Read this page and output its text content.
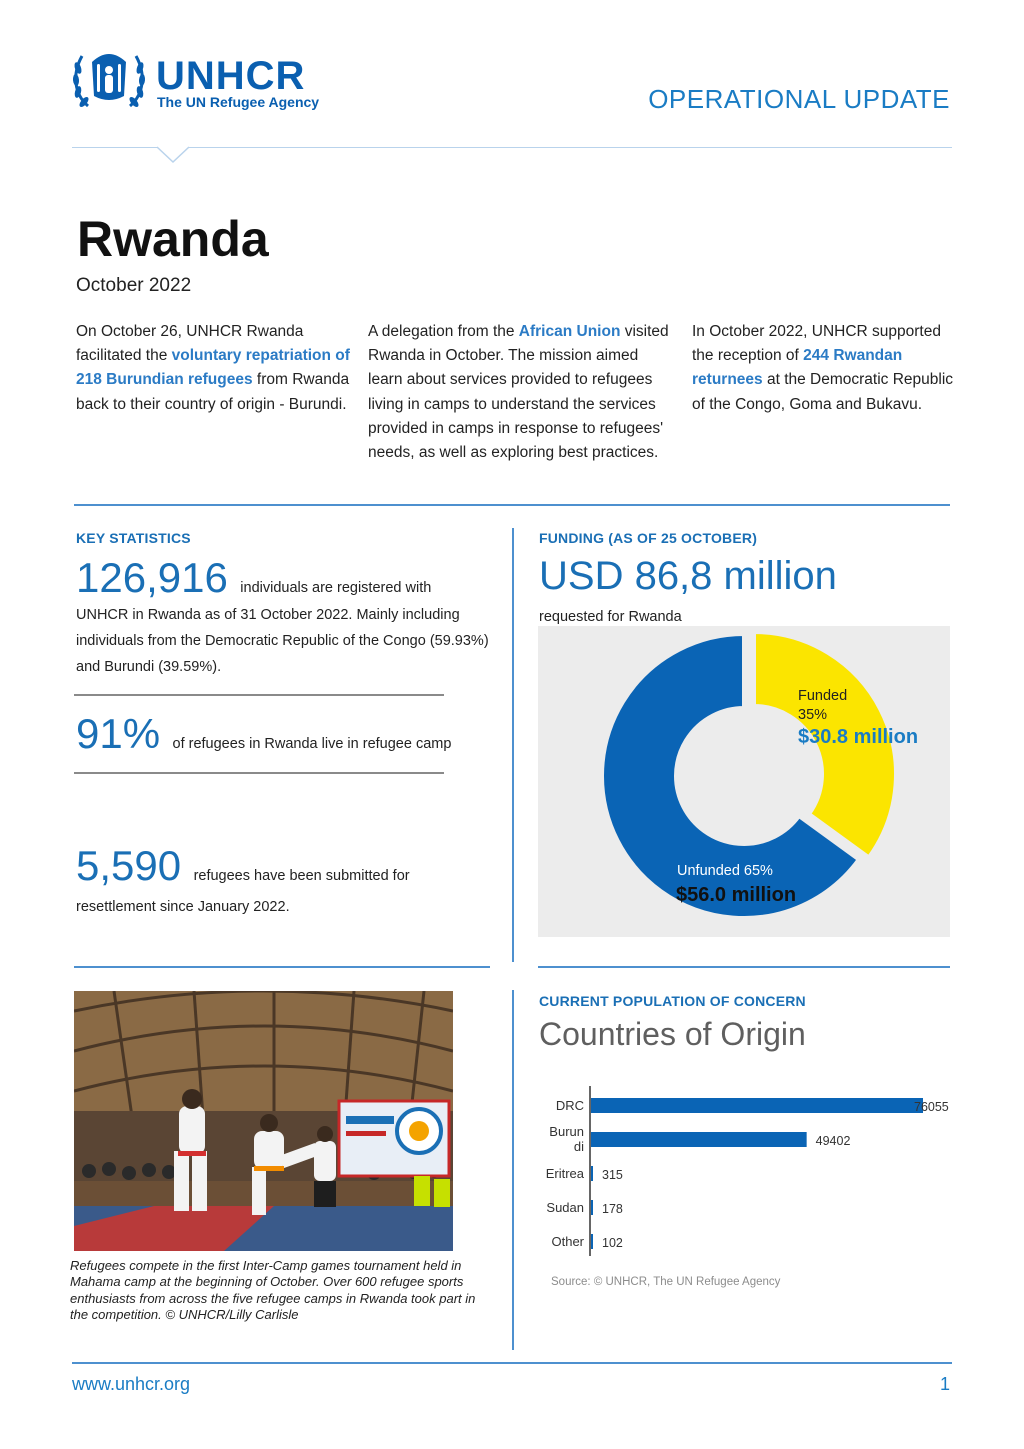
UNHCR
The UN Refugee Agency	OPERATIONAL UPDATE
Rwanda
October 2022
On October 26, UNHCR Rwanda facilitated the voluntary repatriation of 218 Burundian refugees from Rwanda back to their country of origin - Burundi.
A delegation from the African Union visited Rwanda in October. The mission aimed learn about services provided to refugees living in camps to understand the services provided in camps in response to refugees' needs, as well as exploring best practices.
In October 2022, UNHCR supported the reception of 244 Rwandan returnees at the Democratic Republic of the Congo, Goma and Bukavu.
KEY STATISTICS
126,916 individuals are registered with
UNHCR in Rwanda as of 31 October 2022. Mainly including individuals from the Democratic Republic of the Congo (59.93%) and Burundi (39.59%).
91% of refugees in Rwanda live in refugee camp
5,590 refugees have been submitted for
resettlement since January 2022.
FUNDING (AS OF 25 OCTOBER)
USD 86,8 million
requested for Rwanda
Funded
35%
$30.8 million
Unfunded 65%
$56.0 million
Refugees compete in the first Inter-Camp games tournament held in Mahama camp at the beginning of October. Over 600 refugee sports enthusiasts from across the five refugee camps in Rwanda took part in the competition. © UNHCR/Lilly Carlisle
CURRENT POPULATION OF CONCERN
Countries of Origin
DRC	76055
Burun
di	49402
Eritrea 315
Sudan 178
Other 102
Source: © UNHCR, The UN Refugee Agency
www.unhcr.org	1
